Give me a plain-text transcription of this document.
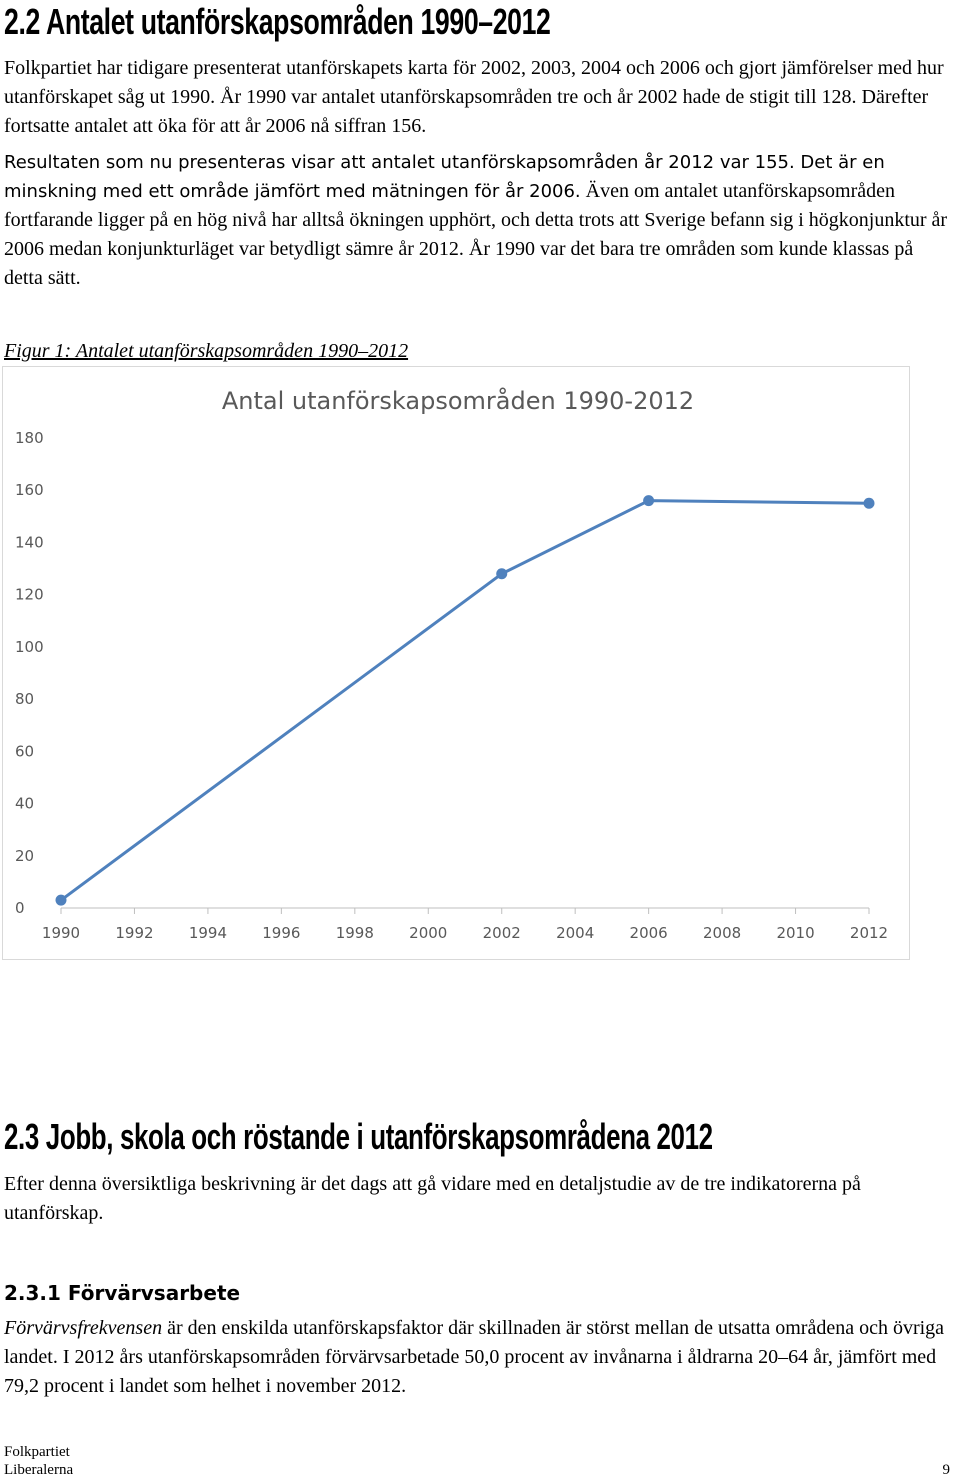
2.2 Antalet utanförskapsområden 1990–2012

Folkpartiet har tidigare presenterat utanförskapets karta för 2002, 2003, 2004 och 2006 och gjort jämförelser med hur utanförskapet såg ut 1990. År 1990 var antalet utanförskapsområden tre och år 2002 hade de stigit till 128. Därefter fortsatte antalet att öka för att år 2006 nå siffran 156.

Resultaten som nu presenteras visar att antalet utanförskapsområden år 2012 var 155. Det är en minskning med ett område jämfört med mätningen för år 2006. Även om antalet utanförskapsområden fortfarande ligger på en hög nivå har alltså ökningen upphört, och detta trots att Sverige befann sig i högkonjunktur år 2006 medan konjunkturläget var betydligt sämre år 2012. År 1990 var det bara tre områden som kunde klassas på detta sätt.

Figur 1: Antalet utanförskapsområden 1990–2012
Antal utanförskapsområden 1990-2012
0
20
40
60
80
100
120
140
160
180
1990 1992 1994 1996 1998 2000 2002 2004 2006 2008 2010 2012
2.3 Jobb, skola och röstande i utanförskapsområdena 2012

Efter denna översiktliga beskrivning är det dags att gå vidare med en detaljstudie av de tre indikatorerna på utanförskap.

2.3.1 Förvärvsarbete

Förvärvsfrekvensen är den enskilda utanförskapsfaktor där skillnaden är störst mellan de utsatta områdena och övriga landet. I 2012 års utanförskapsområden förvärvsarbetade 50,0 procent av invånarna i åldrarna 20–64 år, jämfört med 79,2 procent i landet som helhet i november 2012.

Folkpartiet
Liberalerna	9
